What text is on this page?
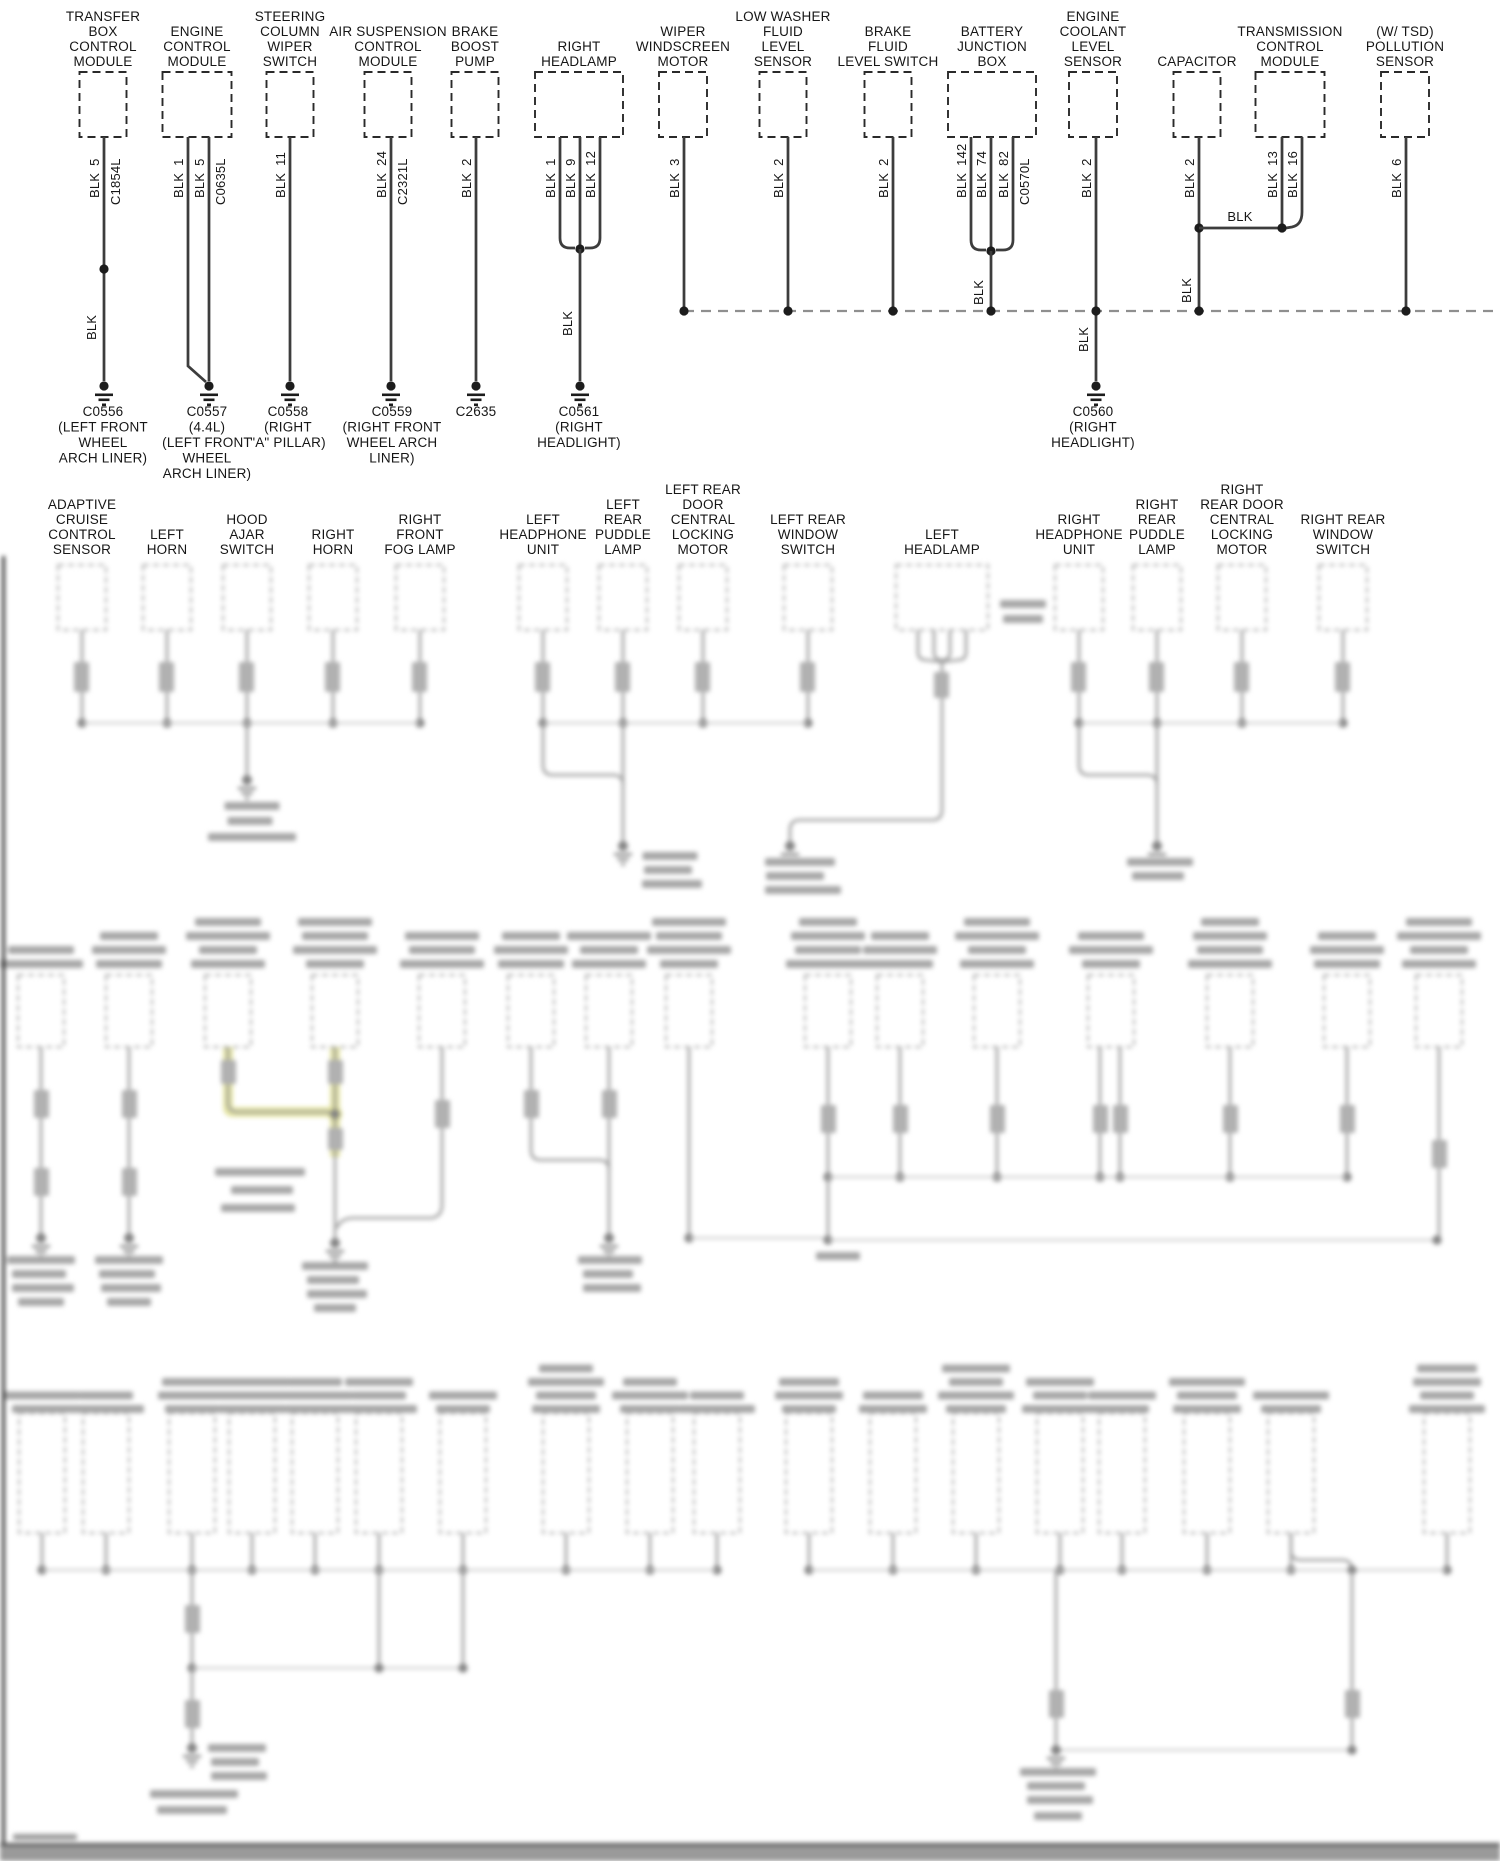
TRANSFER
BOX
CONTROL
MODULE
BLK5 C1854L
BLK
C0556
(LEFT FRONT
WHEEL
ARCH LINER)
ENGINE
CONTROL
MODULE
BLK1
BLK5 C0635L
C0557
(4.4L)
(LEFT FRONT
WHEEL
ARCH LINER)
STEERING
COLUMN
WIPER
SWITCH
BLK11
C0558
(RIGHT
"A" PILLAR)
AIR SUSPENSION
CONTROL
MODULE
BLK24 C2321L
C0559
(RIGHT FRONT
WHEEL ARCH
LINER)
BRAKE
BOOST
PUMP
BLK2
C2635
RIGHT
HEADLAMP
BLK1
BLK9
BLK12
BLK
C0561
(RIGHT
HEADLIGHT)
WIPER
WINDSCREEN
MOTOR
BLK3
LOW WASHER
FLUID
LEVEL
SENSOR
BLK2
BRAKE
FLUID
LEVEL SWITCH
BLK2
BATTERY
JUNCTION
BOX
BLK142
BLK74
BLK82 C0570L
BLK
ENGINE
COOLANT
LEVEL
SENSOR
BLK2
BLK
C0560
(RIGHT
HEADLIGHT)
CAPACITOR
BLK2
BLK
TRANSMISSION
CONTROL
MODULE
BLK13
BLK16
(W/ TSD)
POLLUTION
SENSOR
BLK6
BLK
ADAPTIVE
CRUISE
CONTROL
SENSOR
LEFT
HORN
HOOD
AJAR
SWITCH
RIGHT
HORN
RIGHT
FRONT
FOG LAMP
LEFT
HEADPHONE
UNIT
LEFT
REAR
PUDDLE
LAMP
LEFT REAR
DOOR
CENTRAL
LOCKING
MOTOR
LEFT REAR
WINDOW
SWITCH
LEFT
HEADLAMP
RIGHT
HEADPHONE
UNIT
RIGHT
REAR
PUDDLE
LAMP
RIGHT
REAR DOOR
CENTRAL
LOCKING
MOTOR
RIGHT REAR
WINDOW
SWITCH
